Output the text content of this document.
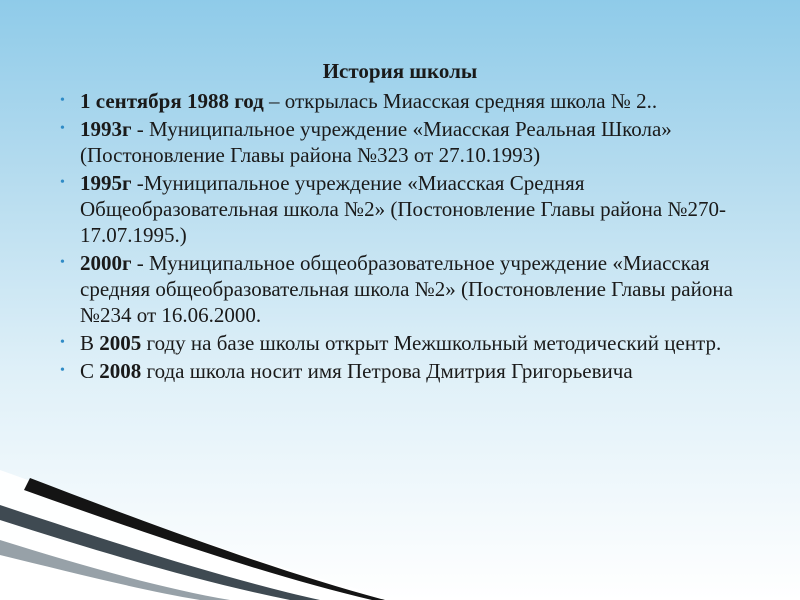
История школы
• 1 сентября 1988 год – открылась Миасская средняя школа № 2..
• 1993г - Муниципальное учреждение «Миасская Реальная Школа» (Постоновление Главы района №323 от 27.10.1993)
• 1995г -Муниципальное учреждение «Миасская Средняя Общеобразовательная школа №2» (Постоновление Главы района №270-17.07.1995.)
• 2000г - Муниципальное общеобразовательное учреждение «Миасская средняя общеобразовательная школа №2» (Постоновление Главы района №234 от 16.06.2000.
• В 2005 году на базе школы открыт Межшкольный методический центр.
• С 2008 года школа носит имя Петрова Дмитрия Григорьевича
